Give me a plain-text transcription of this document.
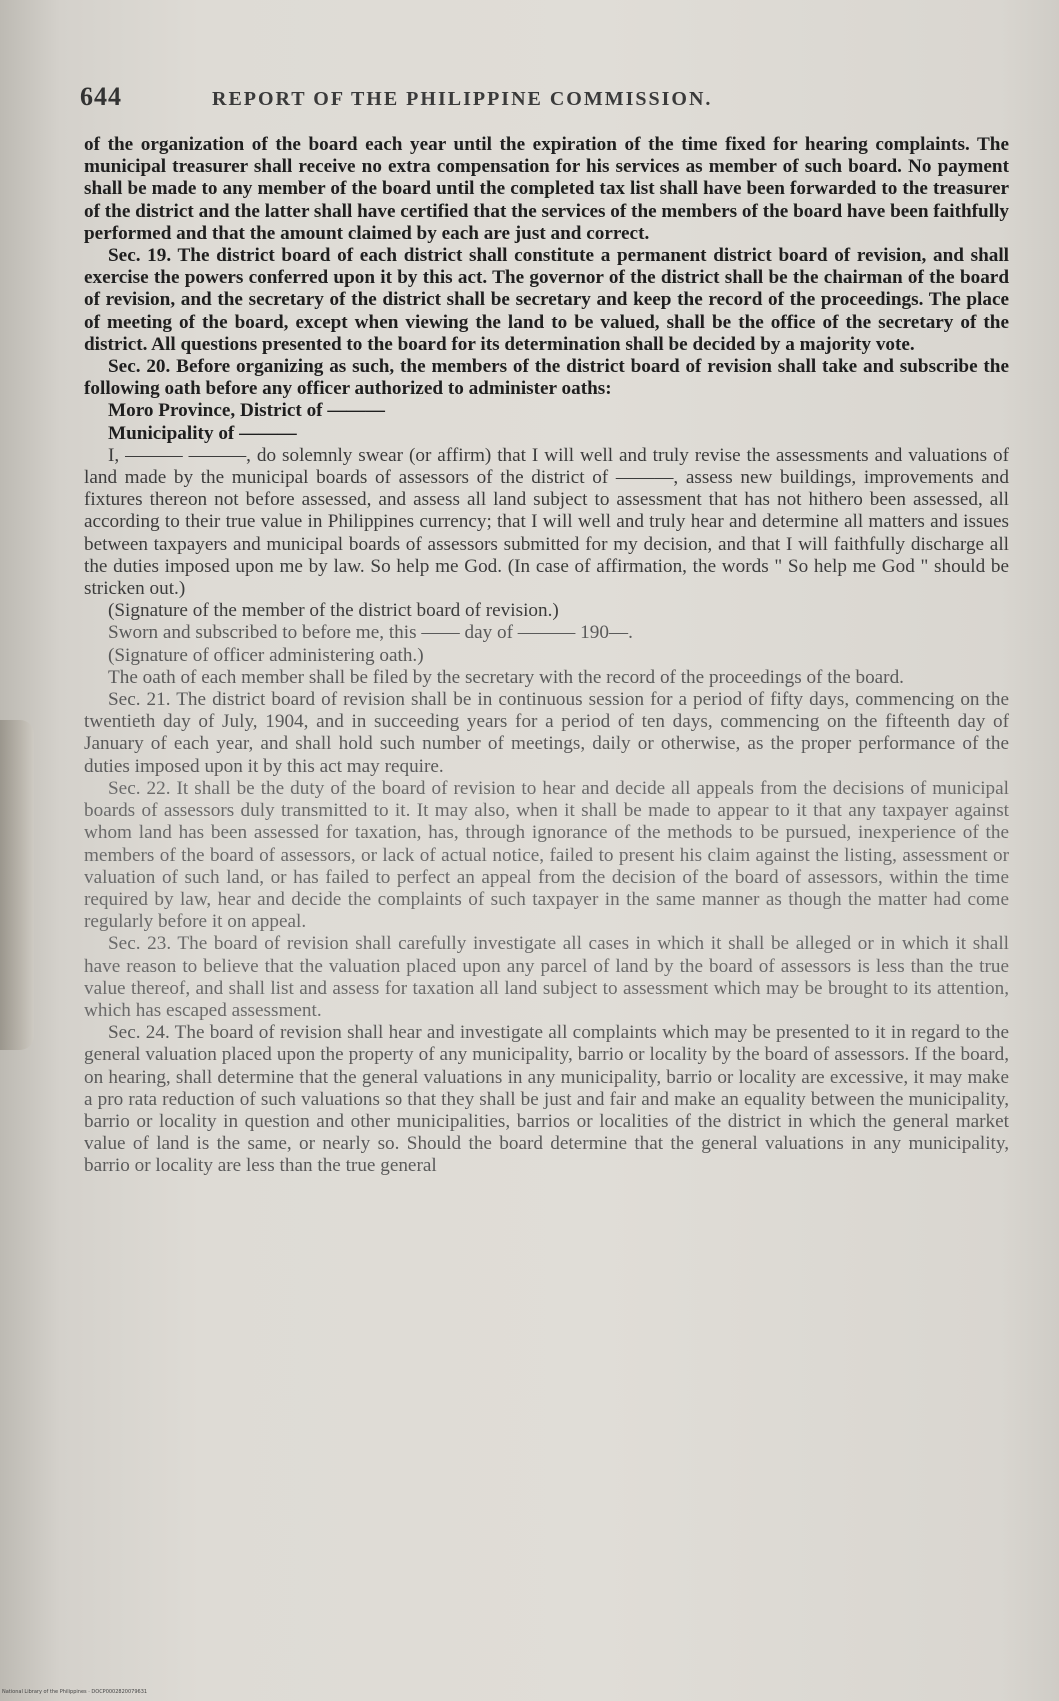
644	REPORT OF THE PHILIPPINE COMMISSION.

of the organization of the board each year until the expiration of the time fixed for hearing complaints. The municipal treasurer shall receive no extra compensation for his services as member of such board. No payment shall be made to any member of the board until the completed tax list shall have been forwarded to the treasurer of the district and the latter shall have certified that the services of the members of the board have been faithfully performed and that the amount claimed by each are just and correct.

Sec. 19. The district board of each district shall constitute a permanent district board of revision, and shall exercise the powers conferred upon it by this act. The governor of the district shall be the chairman of the board of revision, and the secretary of the district shall be secretary and keep the record of the proceedings. The place of meeting of the board, except when viewing the land to be valued, shall be the office of the secretary of the district. All questions presented to the board for its determination shall be decided by a majority vote.

Sec. 20. Before organizing as such, the members of the district board of revision shall take and subscribe the following oath before any officer authorized to administer oaths:

Moro Province, District of ———

Municipality of ———

I, ——— ———, do solemnly swear (or affirm) that I will well and truly revise the assessments and valuations of land made by the municipal boards of assessors of the district of ———, assess new buildings, improvements and fixtures thereon not before assessed, and assess all land subject to assessment that has not hithero been assessed, all according to their true value in Philippines currency; that I will well and truly hear and determine all matters and issues between taxpayers and municipal boards of assessors submitted for my decision, and that I will faithfully discharge all the duties imposed upon me by law. So help me God. (In case of affirmation, the words " So help me God " should be stricken out.)

(Signature of the member of the district board of revision.)

Sworn and subscribed to before me, this —— day of ——— 190—.

(Signature of officer administering oath.)

The oath of each member shall be filed by the secretary with the record of the proceedings of the board.

Sec. 21. The district board of revision shall be in continuous session for a period of fifty days, commencing on the twentieth day of July, 1904, and in succeeding years for a period of ten days, commencing on the fifteenth day of January of each year, and shall hold such number of meetings, daily or otherwise, as the proper performance of the duties imposed upon it by this act may require.

Sec. 22. It shall be the duty of the board of revision to hear and decide all appeals from the decisions of municipal boards of assessors duly transmitted to it. It may also, when it shall be made to appear to it that any taxpayer against whom land has been assessed for taxation, has, through ignorance of the methods to be pursued, inexperience of the members of the board of assessors, or lack of actual notice, failed to present his claim against the listing, assessment or valuation of such land, or has failed to perfect an appeal from the decision of the board of assessors, within the time required by law, hear and decide the complaints of such taxpayer in the same manner as though the matter had come regularly before it on appeal.

Sec. 23. The board of revision shall carefully investigate all cases in which it shall be alleged or in which it shall have reason to believe that the valuation placed upon any parcel of land by the board of assessors is less than the true value thereof, and shall list and assess for taxation all land subject to assessment which may be brought to its attention, which has escaped assessment.

Sec. 24. The board of revision shall hear and investigate all complaints which may be presented to it in regard to the general valuation placed upon the property of any municipality, barrio or locality by the board of assessors. If the board, on hearing, shall determine that the general valuations in any municipality, barrio or locality are excessive, it may make a pro rata reduction of such valuations so that they shall be just and fair and make an equality between the municipality, barrio or locality in question and other municipalities, barrios or localities of the district in which the general market value of land is the same, or nearly so. Should the board determine that the general valuations in any municipality, barrio or locality are less than the true general

National Library of the Philippines · DOCP0002820079631
